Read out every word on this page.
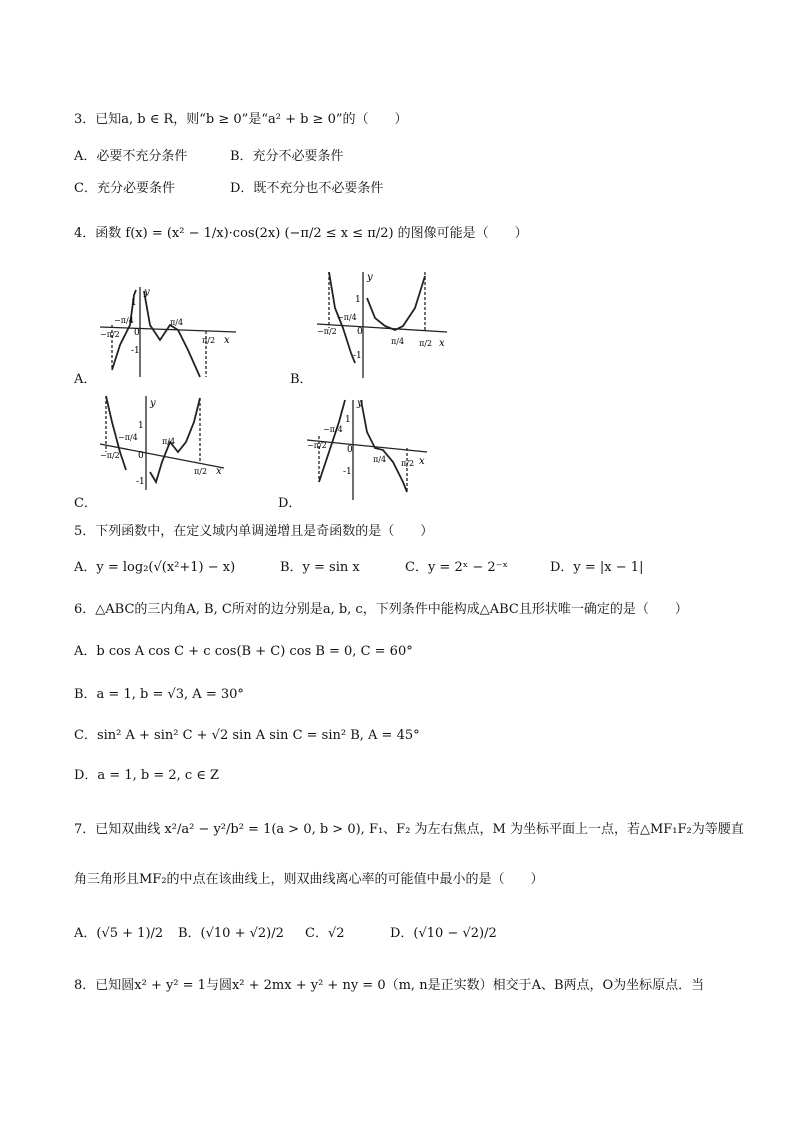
3．已知a, b ∈ R，则“b ≥ 0”是“a² + b ≥ 0”的（　　）
A．必要不充分条件	B．充分不必要条件
C．充分必要条件	D．既不充分也不必要条件
4．函数 f(x) = (x² − 1/x)·cos(2x) (−π/2 ≤ x ≤ π/2) 的图像可能是（　　）
y
x
1
-1
0
−π/4
−π/2
π/4
π/2
A．
y
x
1
-1
0
−π/4
−π/2
π/4 π/2
B．
y
x
1
-1
0
−π/4
−π/2
π/4
π/2
C．
y
x
1
-1
0
−π/4
−π/2
π/4 π/2
D．
5．下列函数中，在定义域内单调递增且是奇函数的是（　　）
A．y = log₂(√(x²+1) − x)	B．y = sin x	C．y = 2ˣ − 2⁻ˣ	D．y = |x − 1|
6．△ABC的三内角A, B, C所对的边分别是a, b, c，下列条件中能构成△ABC且形状唯一确定的是（　　）
A．b cos A cos C + c cos(B + C) cos B = 0, C = 60°
B．a = 1, b = √3, A = 30°
C．sin² A + sin² C + √2 sin A sin C = sin² B, A = 45°
D．a = 1, b = 2, c ∈ Z
7．已知双曲线 x²/a² − y²/b² = 1(a > 0, b > 0), F₁、F₂ 为左右焦点，M 为坐标平面上一点，若△MF₁F₂为等腰直
角三角形且MF₂的中点在该曲线上，则双曲线离心率的可能值中最小的是（　　）
A．(√5 + 1)/2 B．(√10 + √2)/2 C．√2	D．(√10 − √2)/2
8．已知圆x² + y² = 1与圆x² + 2mx + y² + ny = 0（m, n是正实数）相交于A、B两点，O为坐标原点．当
